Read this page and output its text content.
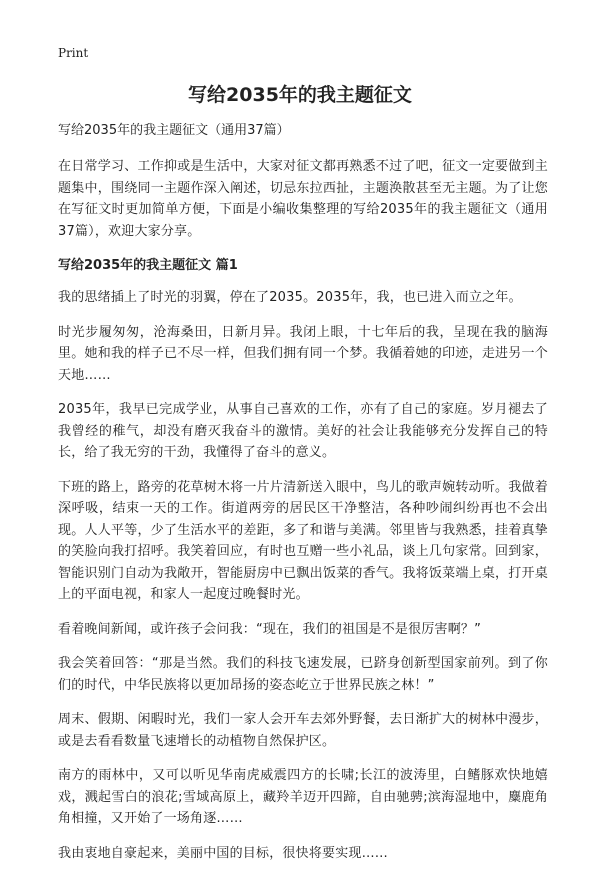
Print
写给2035年的我主题征文

写给2035年的我主题征文（通用37篇）

在日常学习、工作抑或是生活中，大家对征文都再熟悉不过了吧，征文一定要做到主题集中，围绕同一主题作深入阐述，切忌东拉西扯，主题涣散甚至无主题。为了让您在写征文时更加简单方便，下面是小编收集整理的写给2035年的我主题征文（通用37篇），欢迎大家分享。

写给2035年的我主题征文 篇1

我的思绪插上了时光的羽翼，停在了2035。2035年，我，也已进入而立之年。

时光步履匆匆，沧海桑田，日新月异。我闭上眼，十七年后的我，呈现在我的脑海里。她和我的样子已不尽一样，但我们拥有同一个梦。我循着她的印迹，走进另一个天地……

2035年，我早已完成学业，从事自己喜欢的工作，亦有了自己的家庭。岁月褪去了我曾经的稚气，却没有磨灭我奋斗的激情。美好的社会让我能够充分发挥自己的特长，给了我无穷的干劲，我懂得了奋斗的意义。

下班的路上，路旁的花草树木将一片片清新送入眼中，鸟儿的歌声婉转动听。我做着深呼吸，结束一天的工作。街道两旁的居民区干净整洁，各种吵闹纠纷再也不会出现。人人平等，少了生活水平的差距，多了和谐与美满。邻里皆与我熟悉，挂着真挚的笑脸向我打招呼。我笑着回应，有时也互赠一些小礼品，谈上几句家常。回到家，智能识别门自动为我敞开，智能厨房中已飘出饭菜的香气。我将饭菜端上桌，打开桌上的平面电视，和家人一起度过晚餐时光。

看着晚间新闻，或许孩子会问我：“现在，我们的祖国是不是很厉害啊？”

我会笑着回答：“那是当然。我们的科技飞速发展，已跻身创新型国家前列。到了你们的时代，中华民族将以更加昂扬的姿态屹立于世界民族之林！”

周末、假期、闲暇时光，我们一家人会开车去郊外野餐，去日渐扩大的树林中漫步，或是去看看数量飞速增长的动植物自然保护区。

南方的雨林中，又可以听见华南虎威震四方的长啸;长江的波涛里，白鳍豚欢快地嬉戏，溅起雪白的浪花;雪域高原上，藏羚羊迈开四蹄，自由驰骋;滨海湿地中，麋鹿角角相撞，又开始了一场角逐……

我由衷地自豪起来，美丽中国的目标，很快将要实现……
